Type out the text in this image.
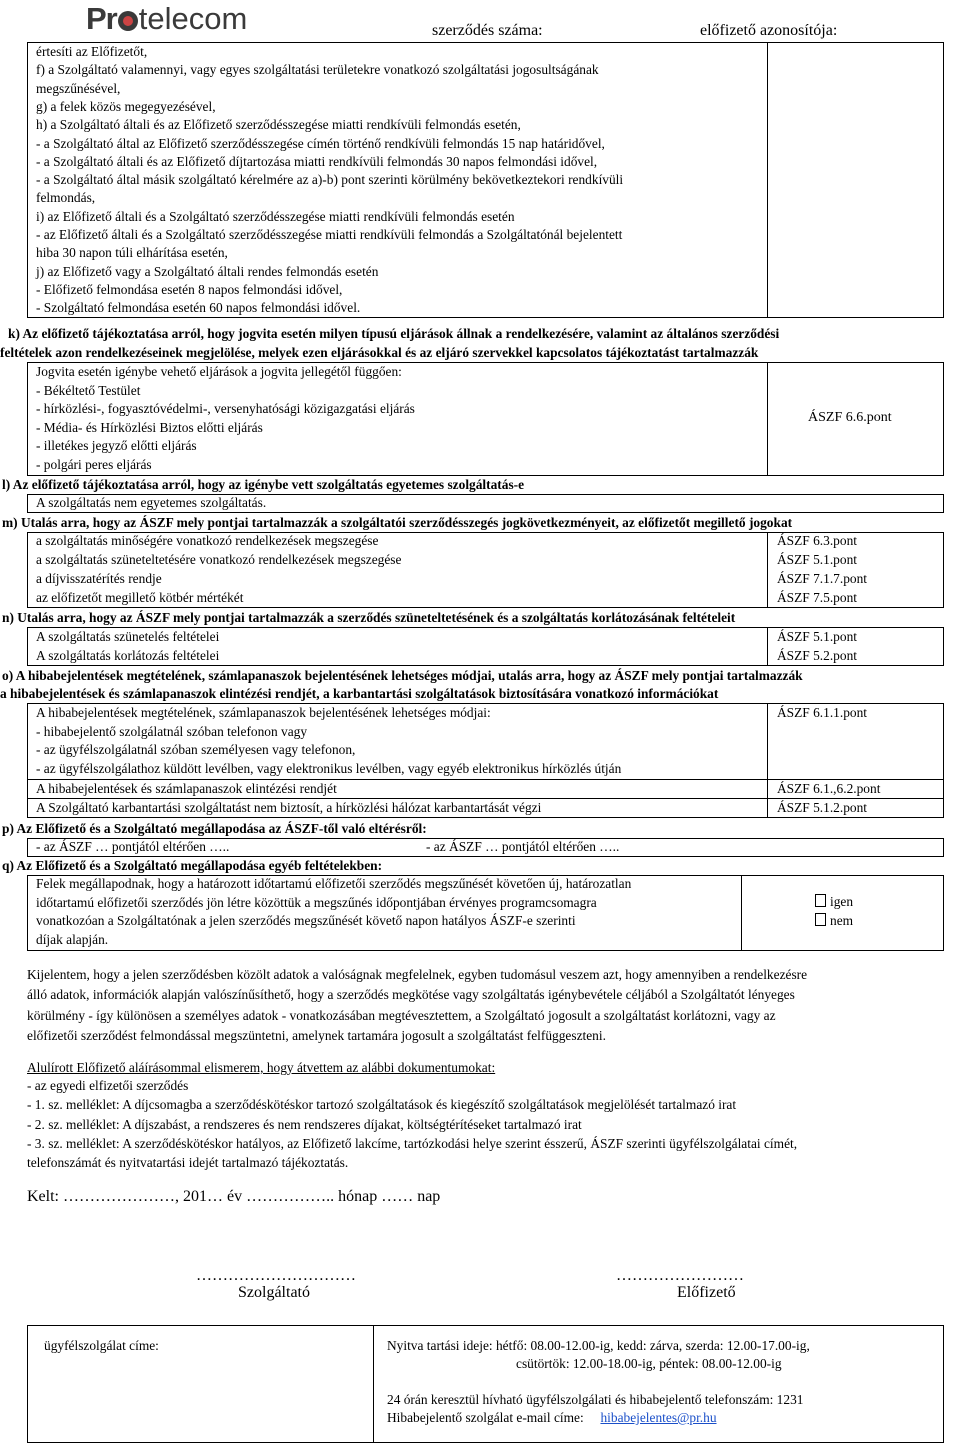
Pr telecom	szerződés száma:	előfizető azonosítója:
értesíti az Előfizetőt,
f) a Szolgáltató valamennyi, vagy egyes szolgáltatási területekre vonatkozó szolgáltatási jogosultságának
megszűnésével,
g) a felek közös megegyezésével,
h) a Szolgáltató általi és az Előfizető szerződésszegése miatti rendkívüli felmondás esetén,
- a Szolgáltató által az Előfizető szerződésszegése címén történő rendkívüli felmondás 15 nap határidővel,
- a Szolgáltató általi és az Előfizető díjtartozása miatti rendkívüli felmondás 30 napos felmondási idővel,
- a Szolgáltató által másik szolgáltató kérelmére az a)-b) pont szerinti körülmény bekövetkeztekori rendkívüli
felmondás,
i) az Előfizető általi és a Szolgáltató szerződésszegése miatti rendkívüli felmondás esetén
- az Előfizető általi és a Szolgáltató szerződésszegése miatti rendkívüli felmondás a Szolgáltatónál bejelentett
hiba 30 napon túli elhárítása esetén,
j) az Előfizető vagy a Szolgáltató általi rendes felmondás esetén
- Előfizető felmondása esetén 8 napos felmondási idővel,
- Szolgáltató felmondása esetén 60 napos felmondási idővel.
k) Az előfizető tájékoztatása arról, hogy jogvita esetén milyen típusú eljárások állnak a rendelkezésére, valamint az általános szerződési
feltételek azon rendelkezéseinek megjelölése, melyek ezen eljárásokkal és az eljáró szervekkel kapcsolatos tájékoztatást tartalmazzák
Jogvita esetén igénybe vehető eljárások a jogvita jellegétől függően:
- Békéltető Testület
- hírközlési-, fogyasztóvédelmi-, versenyhatósági közigazgatási eljárás
- Média- és Hírközlési Biztos előtti eljárás
- illetékes jegyző előtti eljárás
- polgári peres eljárás
ÁSZF 6.6.pont
l) Az előfizető tájékoztatása arról, hogy az igénybe vett szolgáltatás egyetemes szolgáltatás-e
A szolgáltatás nem egyetemes szolgáltatás.
m) Utalás arra, hogy az ÁSZF mely pontjai tartalmazzák a szolgáltatói szerződésszegés jogkövetkezményeit, az előfizetőt megillető jogokat
a szolgáltatás minőségére vonatkozó rendelkezések megszegése	ÁSZF 6.3.pont
a szolgáltatás szüneteltetésére vonatkozó rendelkezések megszegése	ÁSZF 5.1.pont
a díjvisszatérítés rendje	ÁSZF 7.1.7.pont
az előfizetőt megillető kötbér mértékét	ÁSZF 7.5.pont
n) Utalás arra, hogy az ÁSZF mely pontjai tartalmazzák a szerződés szüneteltetésének és a szolgáltatás korlátozásának feltételeit
A szolgáltatás szünetelés feltételei	ÁSZF 5.1.pont
A szolgáltatás korlátozás feltételei	ÁSZF 5.2.pont
o) A hibabejelentések megtételének, számlapanaszok bejelentésének lehetséges módjai, utalás arra, hogy az ÁSZF mely pontjai tartalmazzák
a hibabejelentések és számlapanaszok elintézési rendjét, a karbantartási szolgáltatások biztosítására vonatkozó információkat
A hibabejelentések megtételének, számlapanaszok bejelentésének lehetséges módjai:
- hibabejelentő szolgálatnál szóban telefonon vagy
- az ügyfélszolgálatnál szóban személyesen vagy telefonon,
- az ügyfélszolgálathoz küldött levélben, vagy elektronikus levélben, vagy egyéb elektronikus hírközlés útján
ÁSZF 6.1.1.pont
A hibabejelentések és számlapanaszok elintézési rendjét	ÁSZF 6.1.,6.2.pont
A Szolgáltató karbantartási szolgáltatást nem biztosít, a hírközlési hálózat karbantartását végzi	ÁSZF 5.1.2.pont
p) Az Előfizető és a Szolgáltató megállapodása az ÁSZF-től való eltérésről:
- az ÁSZF … pontjától eltérően …..	- az ÁSZF … pontjától eltérően …..
q) Az Előfizető és a Szolgáltató megállapodása egyéb feltételekben:
Felek megállapodnak, hogy a határozott időtartamú előfizetői szerződés megszűnését követően új, határozatlan
időtartamú előfizetői szerződés jön létre közöttük a megszűnés időpontjában érvényes programcsomagra
vonatkozóan a Szolgáltatónak a jelen szerződés megszűnését követő napon hatályos ÁSZF-e szerinti
díjak alapján.
igen
nem
Kijelentem, hogy a jelen szerződésben közölt adatok a valóságnak megfelelnek, egyben tudomásul veszem azt, hogy amennyiben a rendelkezésre
álló adatok, információk alapján valószínűsíthető, hogy a szerződés megkötése vagy szolgáltatás igénybevétele céljából a Szolgáltatót lényeges
körülmény - így különösen a személyes adatok - vonatkozásában megtévesztettem, a Szolgáltató jogosult a szolgáltatást korlátozni, vagy az
előfizetői szerződést felmondással megszüntetni, amelynek tartamára jogosult a szolgáltatást felfüggeszteni.
Alulírott Előfizető aláírásommal elismerem, hogy átvettem az alábbi dokumentumokat:
- az egyedi elfizetői szerződés
- 1. sz. melléklet: A díjcsomagba a szerződéskötéskor tartozó szolgáltatások és kiegészítő szolgáltatások megjelölését tartalmazó irat
- 2. sz. melléklet: A díjszabást, a rendszeres és nem rendszeres díjakat, költségtérítéseket tartalmazó irat
- 3. sz. melléklet: A szerződéskötéskor hatályos, az Előfizető lakcíme, tartózkodási helye szerint ésszerű, ÁSZF szerinti ügyfélszolgálatai címét,
telefonszámát és nyitvatartási idejét tartalmazó tájékoztatás.
Kelt: …………………, 201… év …………….. hónap …… nap
…………………………
Szolgáltató
……………………
Előfizető
ügyfélszolgálat címe:	Nyitva tartási ideje: hétfő: 08.00-12.00-ig, kedd: zárva, szerda: 12.00-17.00-ig,
csütörtök: 12.00-18.00-ig, péntek: 08.00-12.00-ig
24 órán keresztül hívható ügyfélszolgálati és hibabejelentő telefonszám: 1231
Hibabejelentő szolgálat e-mail címe: hibabejelentes@pr.hu
